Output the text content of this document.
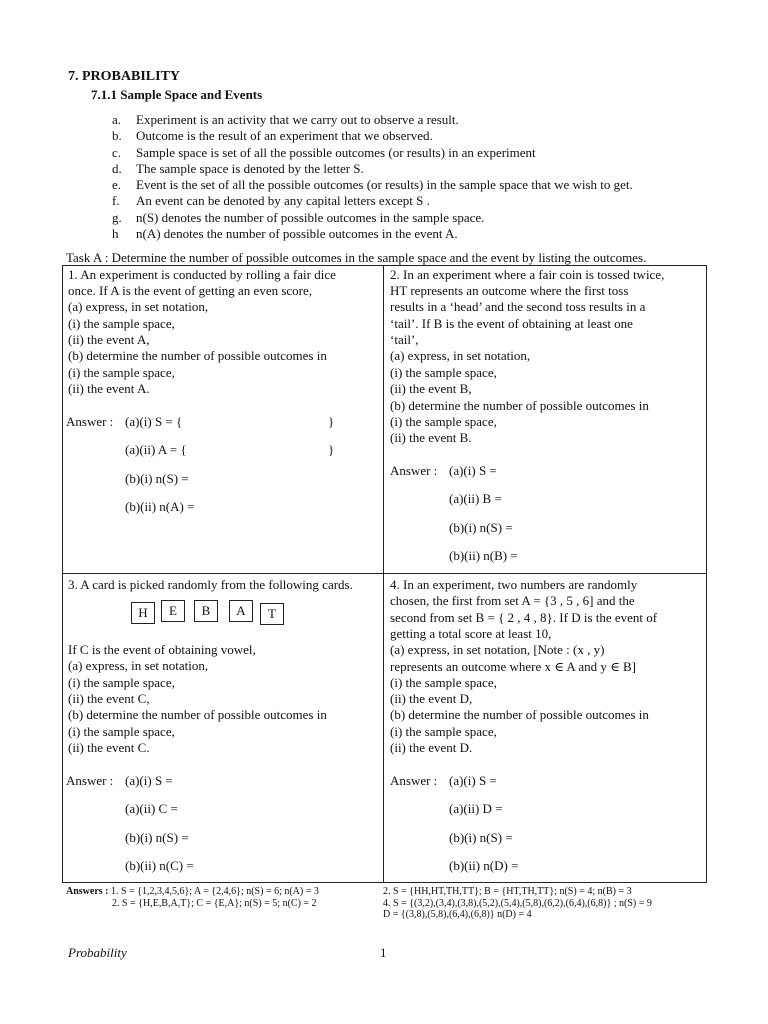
7. PROBABILITY
7.1.1 Sample Space and Events
a.	Experiment is an activity that we carry out to observe a result.
b.	Outcome is the result of an experiment that we observed.
c.	Sample space is set of all the possible outcomes (or results) in an experiment
d.	The sample space is denoted by the letter S.
e.	Event is the set of all the possible outcomes (or results) in the sample space that we wish to get.
f.	An event can be denoted by any capital letters except S .
g.	n(S) denotes the number of possible outcomes in the sample space.
h	n(A) denotes the number of possible outcomes in the event A.
Task A : Determine the number of possible outcomes in the sample space and the event by listing the outcomes.
1. An experiment is conducted by rolling a fair dice
once. If A is the event of getting an even score,
(a) express, in set notation,
(i) the sample space,
(ii) the event A,
(b) determine the number of possible outcomes in
(i) the sample space,
(ii) the event A.
Answer : (a)(i) S = {	}
(a)(ii) A = {	}
(b)(i) n(S) =
(b)(ii) n(A) =
2. In an experiment where a fair coin is tossed twice,
HT represents an outcome where the first toss
results in a ‘head’ and the second toss results in a
‘tail’. If B is the event of obtaining at least one
‘tail’,
(a) express, in set notation,
(i) the sample space,
(ii) the event B,
(b) determine the number of possible outcomes in
(i) the sample space,
(ii) the event B.
Answer : (a)(i) S =
(a)(ii) B =
(b)(i) n(S) =
(b)(ii) n(B) =
3. A card is picked randomly from the following cards.
H	E	B	A	T
If C is the event of obtaining vowel,
(a) express, in set notation,
(i) the sample space,
(ii) the event C,
(b) determine the number of possible outcomes in
(i) the sample space,
(ii) the event C.
Answer : (a)(i) S =
(a)(ii) C =
(b)(i) n(S) =
(b)(ii) n(C) =
4. In an experiment, two numbers are randomly
chosen, the first from set A = {3 , 5 , 6] and the
second from set B = { 2 , 4 , 8}. If D is the event of
getting a total score at least 10,
(a) express, in set notation, [Note : (x , y)
represents an outcome where x ∈ A and y ∈ B]
(i) the sample space,
(ii) the event D,
(b) determine the number of possible outcomes in
(i) the sample space,
(ii) the event D.
Answer : (a)(i) S =
(a)(ii) D =
(b)(i) n(S) =
(b)(ii) n(D) =
Answers : 1. S = {1,2,3,4,5,6}; A = {2,4,6}; n(S) = 6; n(A) = 3
2. S = {H,E,B,A,T}; C = {E,A}; n(S) = 5; n(C) = 2
2. S = {HH,HT,TH,TT}; B = {HT,TH,TT}; n(S) = 4; n(B) = 3
4. S = {(3,2),(3,4),(3,8),(5,2),(5,4),(5,8),(6,2),(6,4),(6,8)} ; n(S) = 9
D = {(3,8),(5,8),(6,4),(6,8)} n(D) = 4
Probability	1
